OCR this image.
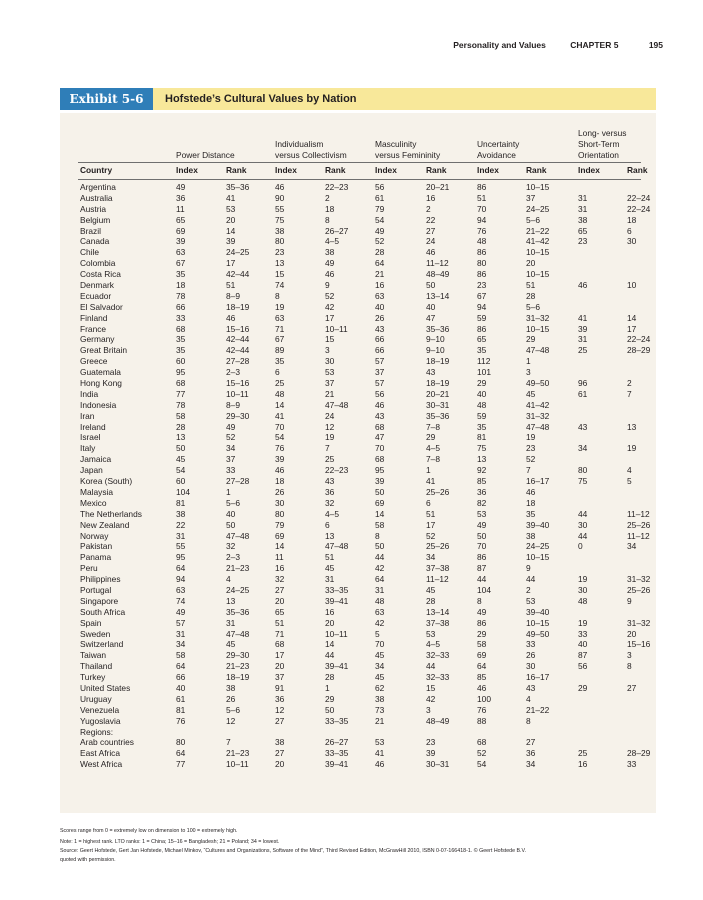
Personality and Values	CHAPTER 5	195
Exhibit 5-6	Hofstede’s Cultural Values by Nation
Power Distance
Individualism
versus Collectivism
Masculinity
versus Femininity
Uncertainty
Avoidance
Long- versus
Short-Term
Orientation
Country	Index	Rank	Index	Rank	Index	Rank	Index	Rank	Index	Rank
Argentina	49	35–36	46	22–23	56	20–21	86	10–15
Australia	36	41	90	2	61	16	51	37	31	22–24
Austria	11	53	55	18	79	2	70	24–25	31	22–24
Belgium	65	20	75	8	54	22	94	5–6	38	18
Brazil	69	14	38	26–27	49	27	76	21–22	65	6
Canada	39	39	80	4–5	52	24	48	41–42	23	30
Chile	63	24–25	23	38	28	46	86	10–15
Colombia	67	17	13	49	64	11–12	80	20
Costa Rica	35	42–44	15	46	21	48–49	86	10–15
Denmark	18	51	74	9	16	50	23	51	46	10
Ecuador	78	8–9	8	52	63	13–14	67	28
El Salvador	66	18–19	19	42	40	40	94	5–6
Finland	33	46	63	17	26	47	59	31–32	41	14
France	68	15–16	71	10–11	43	35–36	86	10–15	39	17
Germany	35	42–44	67	15	66	9–10	65	29	31	22–24
Great Britain	35	42–44	89	3	66	9–10	35	47–48	25	28–29
Greece	60	27–28	35	30	57	18–19	112	1
Guatemala	95	2–3	6	53	37	43	101	3
Hong Kong	68	15–16	25	37	57	18–19	29	49–50	96	2
India	77	10–11	48	21	56	20–21	40	45	61	7
Indonesia	78	8–9	14	47–48	46	30–31	48	41–42
Iran	58	29–30	41	24	43	35–36	59	31–32
Ireland	28	49	70	12	68	7–8	35	47–48	43	13
Israel	13	52	54	19	47	29	81	19
Italy	50	34	76	7	70	4–5	75	23	34	19
Jamaica	45	37	39	25	68	7–8	13	52
Japan	54	33	46	22–23	95	1	92	7	80	4
Korea (South)	60	27–28	18	43	39	41	85	16–17	75	5
Malaysia	104	1	26	36	50	25–26	36	46
Mexico	81	5–6	30	32	69	6	82	18
The Netherlands	38	40	80	4–5	14	51	53	35	44	11–12
New Zealand	22	50	79	6	58	17	49	39–40	30	25–26
Norway	31	47–48	69	13	8	52	50	38	44	11–12
Pakistan	55	32	14	47–48	50	25–26	70	24–25	0	34
Panama	95	2–3	11	51	44	34	86	10–15
Peru	64	21–23	16	45	42	37–38	87	9
Philippines	94	4	32	31	64	11–12	44	44	19	31–32
Portugal	63	24–25	27	33–35	31	45	104	2	30	25–26
Singapore	74	13	20	39–41	48	28	8	53	48	9
South Africa	49	35–36	65	16	63	13–14	49	39–40
Spain	57	31	51	20	42	37–38	86	10–15	19	31–32
Sweden	31	47–48	71	10–11	5	53	29	49–50	33	20
Switzerland	34	45	68	14	70	4–5	58	33	40	15–16
Taiwan	58	29–30	17	44	45	32–33	69	26	87	3
Thailand	64	21–23	20	39–41	34	44	64	30	56	8
Turkey	66	18–19	37	28	45	32–33	85	16–17
United States	40	38	91	1	62	15	46	43	29	27
Uruguay	61	26	36	29	38	42	100	4
Venezuela	81	5–6	12	50	73	3	76	21–22
Yugoslavia	76	12	27	33–35	21	48–49	88	8
Regions:
Arab countries	80	7	38	26–27	53	23	68	27
East Africa	64	21–23	27	33–35	41	39	52	36	25	28–29
West Africa	77	10–11	20	39–41	46	30–31	54	34	16	33
Scores range from 0 = extremely low on dimension to 100 = extremely high.
Note: 1 = highest rank. LTO ranks: 1 = China; 15–16 = Bangladesh; 21 = Poland; 34 = lowest.
Source: Geert Hofstede, Gert Jan Hofstede, Michael Minkov, “Cultures and Organizations, Software of the Mind”, Third Revised Edition, McGrawHill 2010, ISBN 0-07-166418-1. © Geert Hofstede B.V.
quoted with permission.
